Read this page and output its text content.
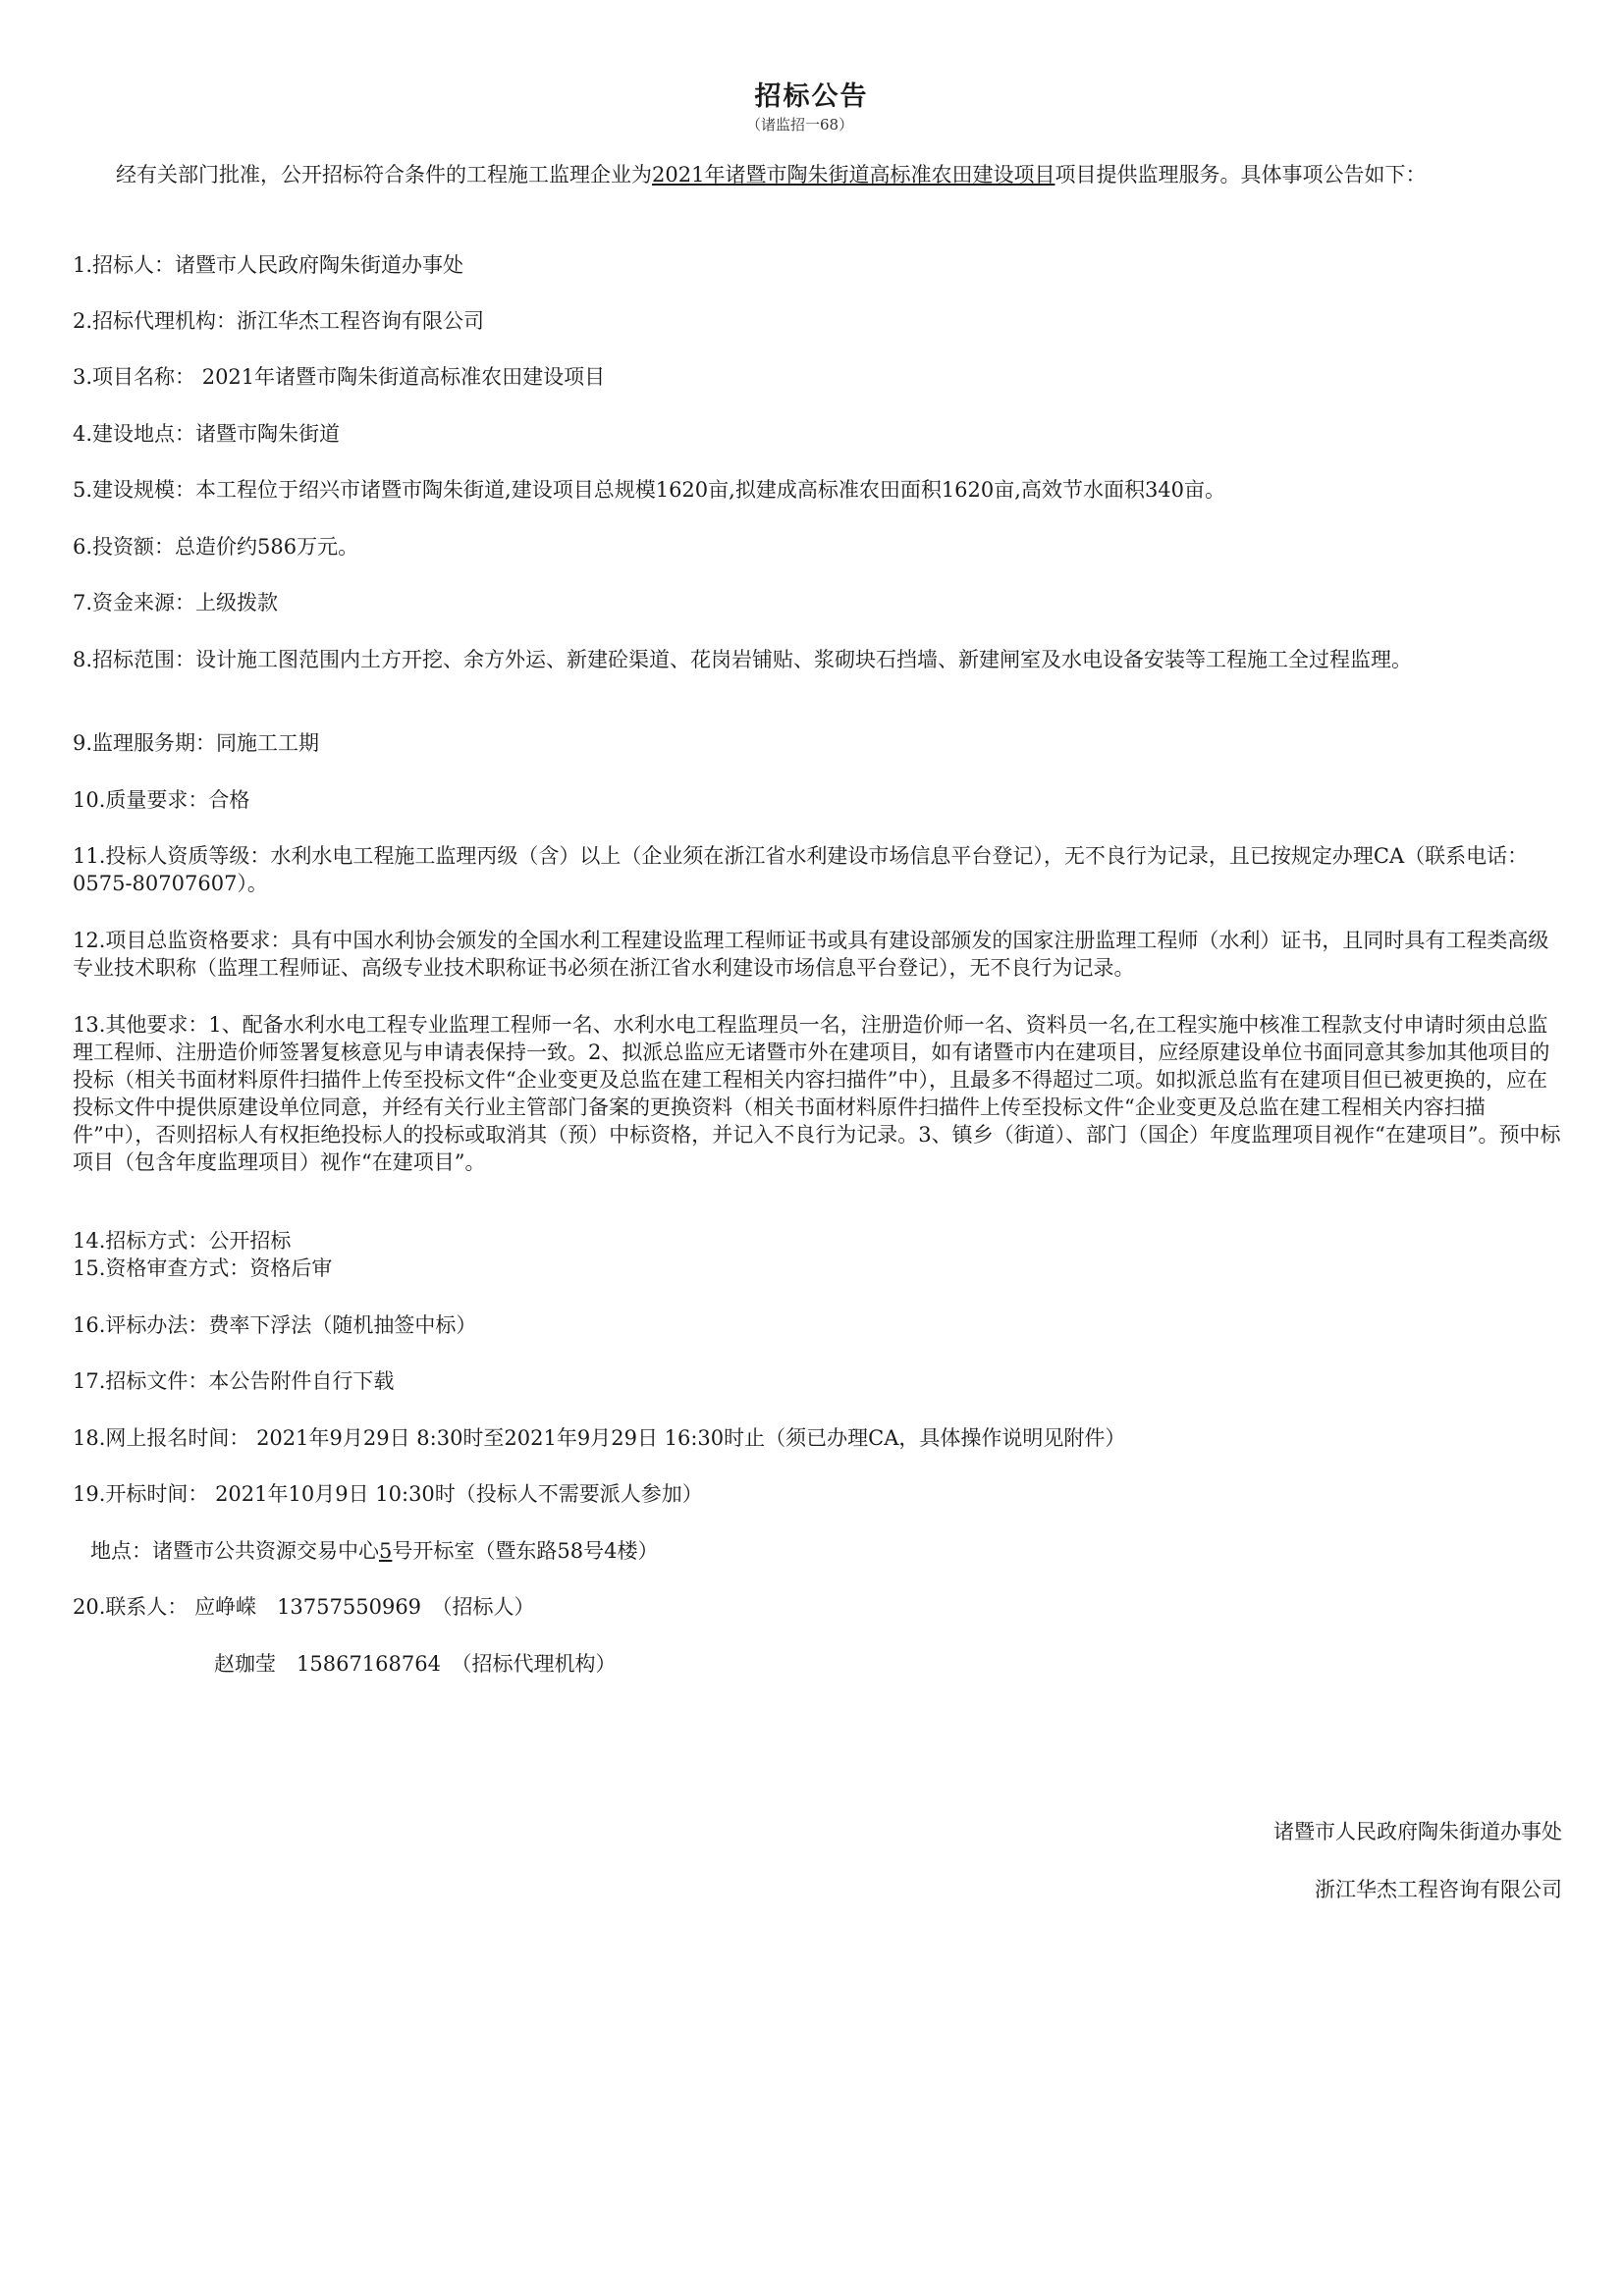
招标公告
（诸监招一68）
经有关部门批准，公开招标符合条件的工程施工监理企业为2021年诸暨市陶朱街道高标准农田建设项目项目提供监理服务。具体事项公告如下：
1.招标人：诸暨市人民政府陶朱街道办事处
2.招标代理机构：浙江华杰工程咨询有限公司
3.项目名称： 2021年诸暨市陶朱街道高标准农田建设项目
4.建设地点：诸暨市陶朱街道
5.建设规模：本工程位于绍兴市诸暨市陶朱街道,建设项目总规模1620亩,拟建成高标准农田面积1620亩,高效节水面积340亩。
6.投资额：总造价约586万元。
7.资金来源：上级拨款
8.招标范围：设计施工图范围内土方开挖、余方外运、新建砼渠道、花岗岩铺贴、浆砌块石挡墙、新建闸室及水电设备安装等工程施工全过程监理。
9.监理服务期：同施工工期
10.质量要求：合格
11.投标人资质等级：水利水电工程施工监理丙级（含）以上（企业须在浙江省水利建设市场信息平台登记），无不良行为记录，且已按规定办理CA（联系电话：0575-80707607）。
12.项目总监资格要求：具有中国水利协会颁发的全国水利工程建设监理工程师证书或具有建设部颁发的国家注册监理工程师（水利）证书，且同时具有工程类高级专业技术职称（监理工程师证、高级专业技术职称证书必须在浙江省水利建设市场信息平台登记），无不良行为记录。
13.其他要求：1、配备水利水电工程专业监理工程师一名、水利水电工程监理员一名，注册造价师一名、资料员一名,在工程实施中核准工程款支付申请时须由总监理工程师、注册造价师签署复核意见与申请表保持一致。2、拟派总监应无诸暨市外在建项目，如有诸暨市内在建项目，应经原建设单位书面同意其参加其他项目的投标（相关书面材料原件扫描件上传至投标文件“企业变更及总监在建工程相关内容扫描件”中），且最多不得超过二项。如拟派总监有在建项目但已被更换的，应在投标文件中提供原建设单位同意，并经有关行业主管部门备案的更换资料（相关书面材料原件扫描件上传至投标文件“企业变更及总监在建工程相关内容扫描件”中），否则招标人有权拒绝投标人的投标或取消其（预）中标资格，并记入不良行为记录。3、镇乡（街道）、部门（国企）年度监理项目视作“在建项目”。预中标项目（包含年度监理项目）视作“在建项目”。
14.招标方式：公开招标
15.资格审查方式：资格后审
16.评标办法：费率下浮法（随机抽签中标）
17.招标文件：本公告附件自行下载
18.网上报名时间： 2021年9月29日 8:30时至2021年9月29日 16:30时止（须已办理CA，具体操作说明见附件）
19.开标时间： 2021年10月9日 10:30时（投标人不需要派人参加）
地点：诸暨市公共资源交易中心5号开标室（暨东路58号4楼）
20.联系人： 应峥嵘　13757550969　（招标人）
赵珈莹　15867168764　（招标代理机构）
诸暨市人民政府陶朱街道办事处
浙江华杰工程咨询有限公司
